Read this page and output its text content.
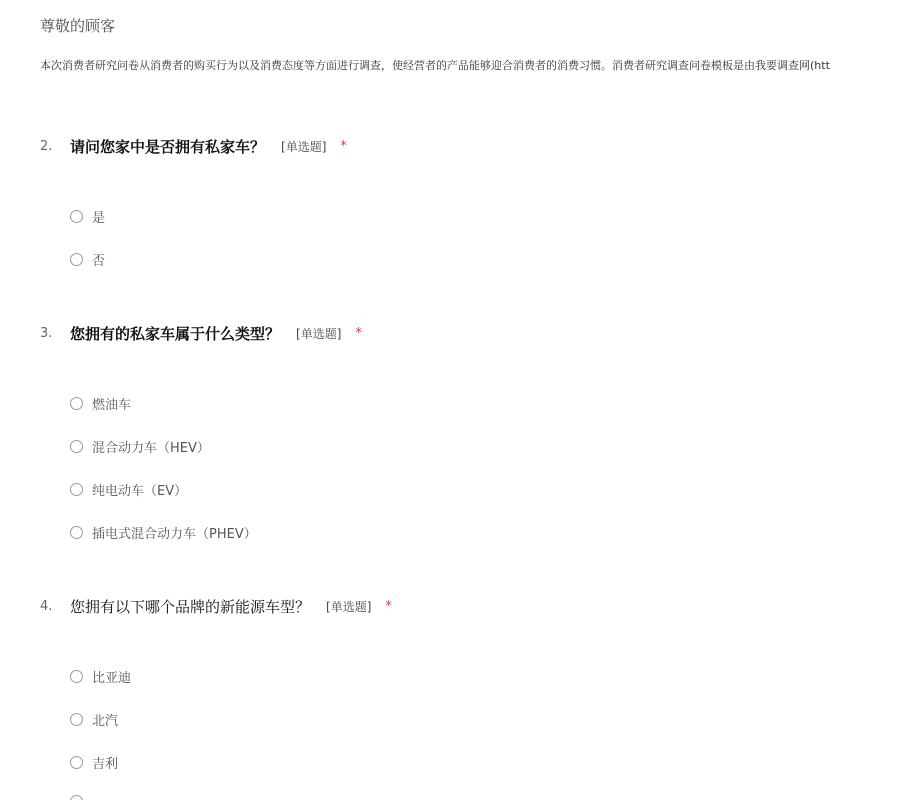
尊敬的顾客
本次消费者研究问卷从消费者的购买行为以及消费态度等方面进行调查，使经营者的产品能够迎合消费者的消费习惯。消费者研究调查问卷模板是由我要调查网(htt
2.	请问您家中是否拥有私家车？ [单选题] *
是
否
3.	您拥有的私家车属于什么类型？ [单选题] *
燃油车
混合动力车（HEV）
纯电动车（EV）
插电式混合动力车（PHEV）
4.	您拥有以下哪个品牌的新能源车型？ [单选题] *
比亚迪
北汽
吉利
